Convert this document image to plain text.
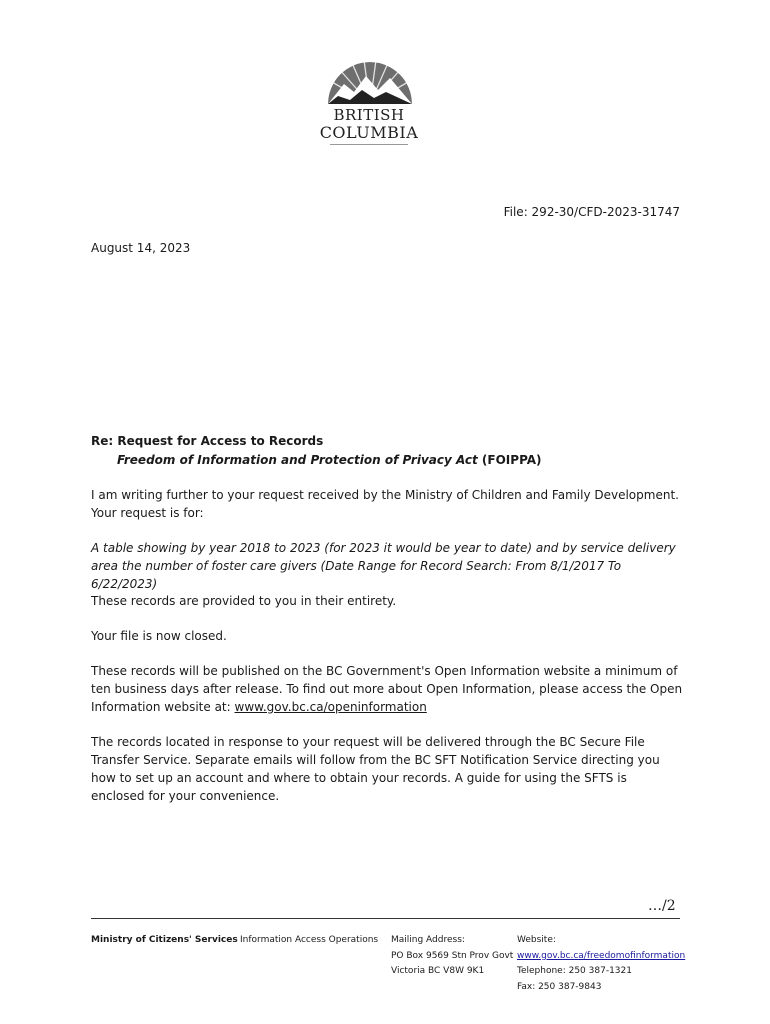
BRITISH
COLUMBIA
File: 292-30/CFD-2023-31747
August 14, 2023
Re: Request for Access to Records
Freedom of Information and Protection of Privacy Act (FOIPPA)
I am writing further to your request received by the Ministry of Children and Family Development. Your request is for:
A table showing by year 2018 to 2023 (for 2023 it would be year to date) and by service delivery area the number of foster care givers (Date Range for Record Search: From 8/1/2017 To 6/22/2023)
These records are provided to you in their entirety.
Your file is now closed.
These records will be published on the BC Government's Open Information website a minimum of ten business days after release. To find out more about Open Information, please access the Open Information website at: www.gov.bc.ca/openinformation
The records located in response to your request will be delivered through the BC Secure File Transfer Service. Separate emails will follow from the BC SFT Notification Service directing you how to set up an account and where to obtain your records. A guide for using the SFTS is enclosed for your convenience.
…/2
Ministry of Citizens' Services Information Access Operations Mailing Address:
PO Box 9569 Stn Prov Govt
Victoria BC V8W 9K1
Website:
www.gov.bc.ca/freedomofinformation
Telephone: 250 387-1321
Fax: 250 387-9843
